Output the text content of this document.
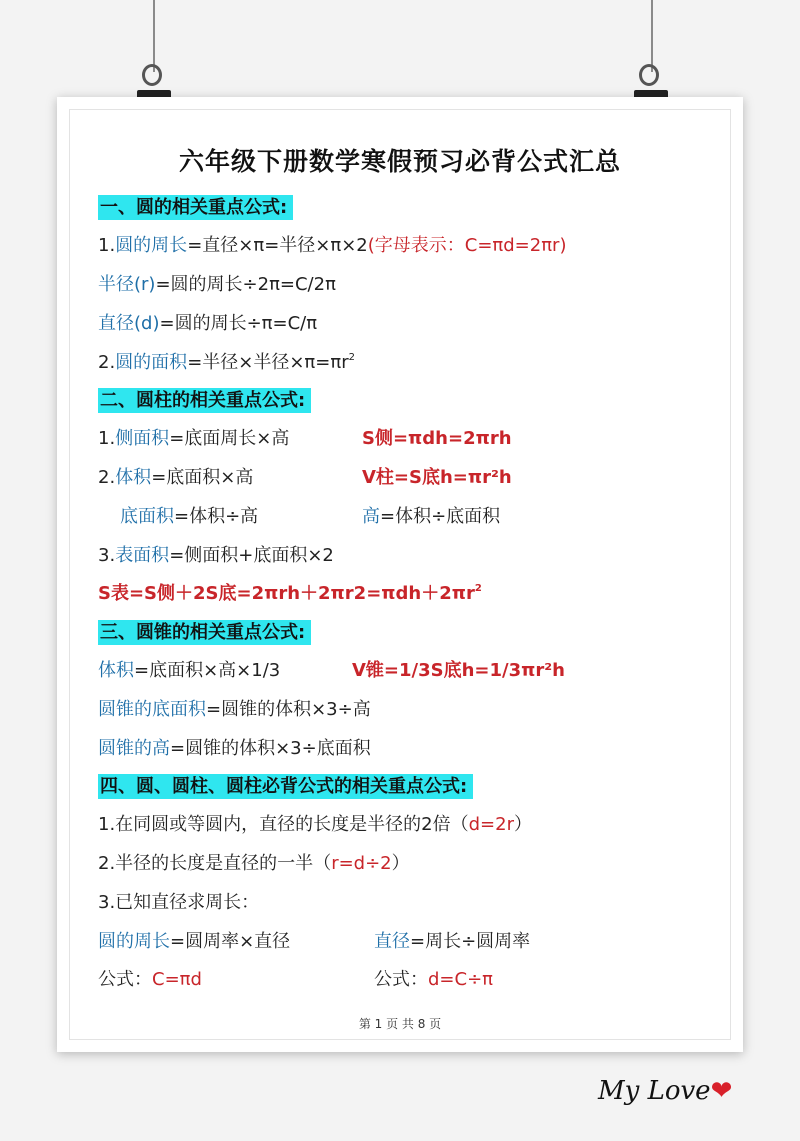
六年级下册数学寒假预习必背公式汇总
一、圆的相关重点公式:
1.圆的周长=直径×π=半径×π×2(字母表示：C=πd=2πr)
半径(r)=圆的周长÷2π=C/2π
直径(d)=圆的周长÷π=C/π
2.圆的面积=半径×半径$\times\pi=\pi r^2$
二、圆柱的相关重点公式:
1.侧面积=底面周长×高	S侧=πdh=2πrh
2.体积=底面积×高	V柱=S底h=πr²h
底面积=体积÷高	高=体积÷底面积
3.表面积=侧面积+底面积×2
S表=S侧＋2S底$=2\pi rh+2\pi r2=\pi dh+2\pi r^2$
三、圆锥的相关重点公式:
体积=底面积×高×1/3	V锥=1/3S底h=1/3πr²h
圆锥的底面积=圆锥的体积×3÷高
圆锥的高=圆锥的体积×3÷底面积
四、圆、圆柱、圆柱必背公式的相关重点公式:
1.在同圆或等圆内，直径的长度是半径的2倍（d=2r）
2.半径的长度是直径的一半（r=d÷2）
3.已知直径求周长：
圆的周长=圆周率×直径	直径=周长÷圆周率
公式：C=πd	公式：d=C÷π
第 1 页 共 8 页
My Love❤
